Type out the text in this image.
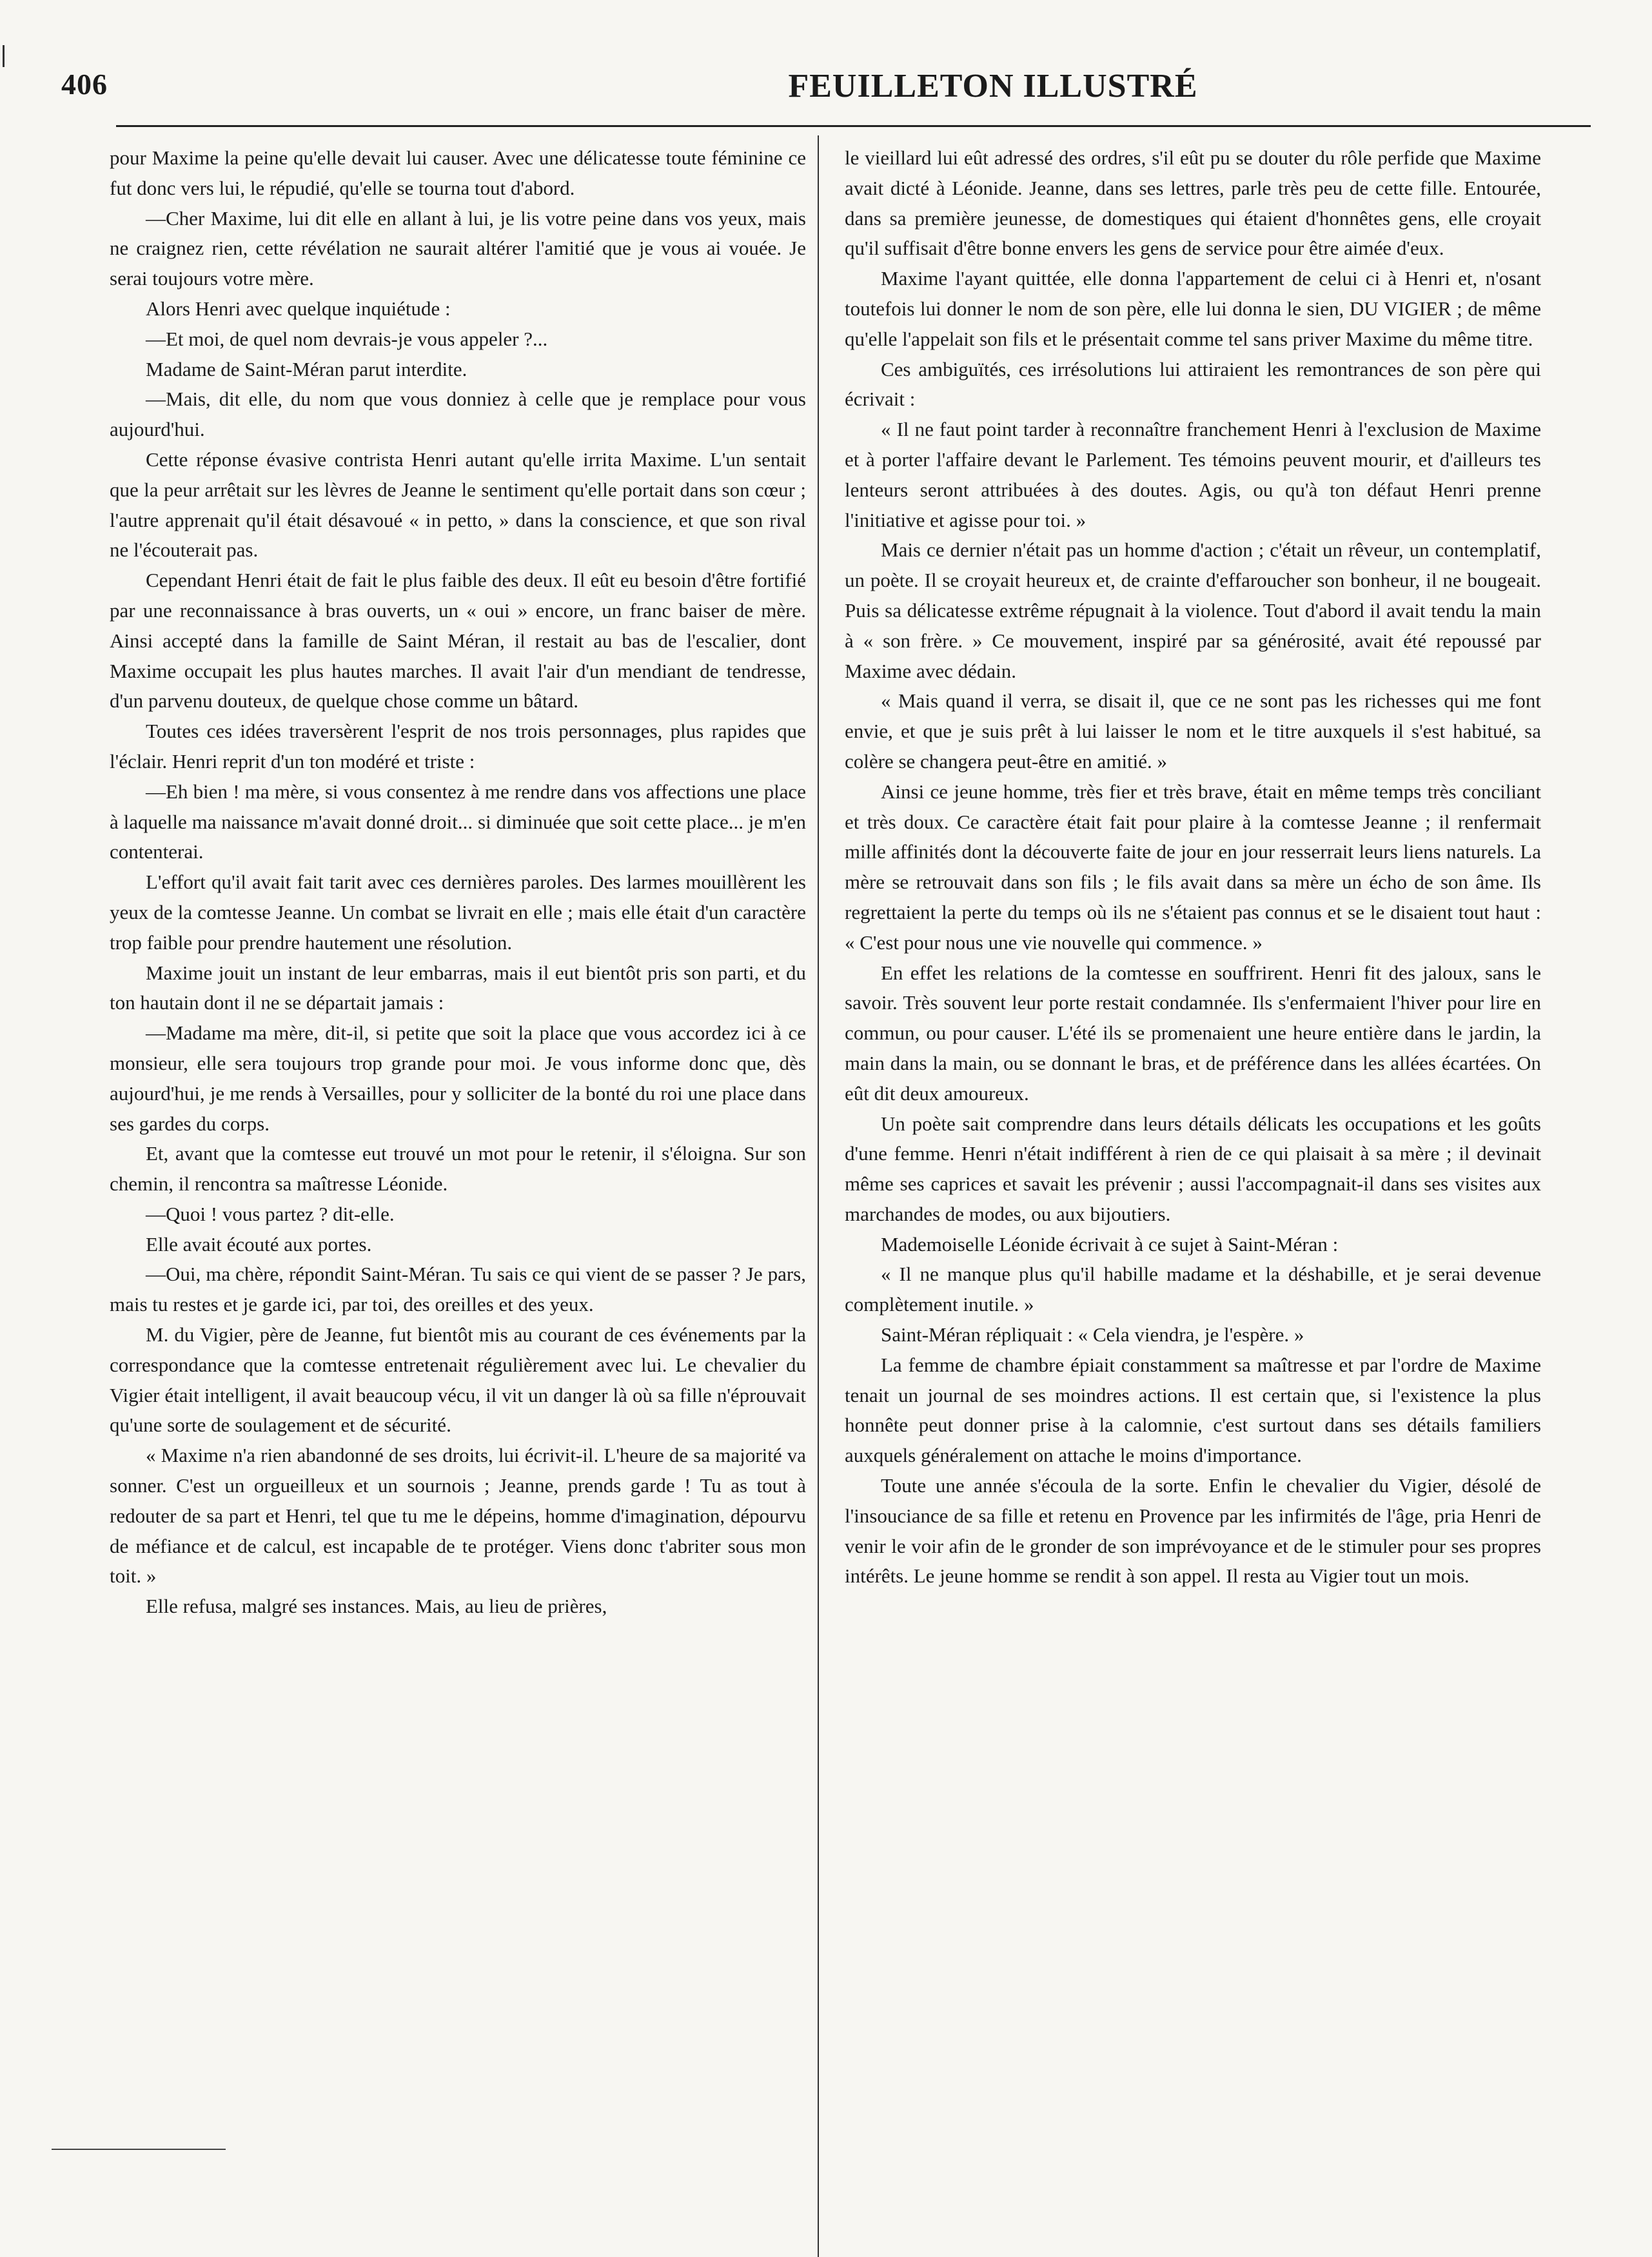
406	FEUILLETON ILLUSTRÉ

pour Maxime la peine qu'elle devait lui causer. Avec une délicatesse toute féminine ce fut donc vers lui, le répudié, qu'elle se tourna tout d'abord.

—Cher Maxime, lui dit elle en allant à lui, je lis votre peine dans vos yeux, mais ne craignez rien, cette révélation ne saurait altérer l'amitié que je vous ai vouée. Je serai toujours votre mère.

Alors Henri avec quelque inquiétude :

—Et moi, de quel nom devrais-je vous appeler ?...

Madame de Saint-Méran parut interdite.

—Mais, dit elle, du nom que vous donniez à celle que je remplace pour vous aujourd'hui.

Cette réponse évasive contrista Henri autant qu'elle irrita Maxime. L'un sentait que la peur arrêtait sur les lèvres de Jeanne le sentiment qu'elle portait dans son cœur ; l'autre apprenait qu'il était désavoué « in petto, » dans la conscience, et que son rival ne l'écouterait pas.

Cependant Henri était de fait le plus faible des deux. Il eût eu besoin d'être fortifié par une reconnaissance à bras ouverts, un « oui » encore, un franc baiser de mère. Ainsi accepté dans la famille de Saint Méran, il restait au bas de l'escalier, dont Maxime occupait les plus hautes marches. Il avait l'air d'un mendiant de tendresse, d'un parvenu douteux, de quelque chose comme un bâtard.

Toutes ces idées traversèrent l'esprit de nos trois personnages, plus rapides que l'éclair. Henri reprit d'un ton modéré et triste :

—Eh bien ! ma mère, si vous consentez à me rendre dans vos affections une place à laquelle ma naissance m'avait donné droit... si diminuée que soit cette place... je m'en contenterai.

L'effort qu'il avait fait tarit avec ces dernières paroles. Des larmes mouillèrent les yeux de la comtesse Jeanne. Un combat se livrait en elle ; mais elle était d'un caractère trop faible pour prendre hautement une résolution.

Maxime jouit un instant de leur embarras, mais il eut bientôt pris son parti, et du ton hautain dont il ne se départait jamais :

—Madame ma mère, dit-il, si petite que soit la place que vous accordez ici à ce monsieur, elle sera toujours trop grande pour moi. Je vous informe donc que, dès aujourd'hui, je me rends à Versailles, pour y solliciter de la bonté du roi une place dans ses gardes du corps.

Et, avant que la comtesse eut trouvé un mot pour le retenir, il s'éloigna. Sur son chemin, il rencontra sa maîtresse Léonide.

—Quoi ! vous partez ? dit-elle.

Elle avait écouté aux portes.

—Oui, ma chère, répondit Saint-Méran. Tu sais ce qui vient de se passer ? Je pars, mais tu restes et je garde ici, par toi, des oreilles et des yeux.

M. du Vigier, père de Jeanne, fut bientôt mis au courant de ces événements par la correspondance que la comtesse entretenait régulièrement avec lui. Le chevalier du Vigier était intelligent, il avait beaucoup vécu, il vit un danger là où sa fille n'éprouvait qu'une sorte de soulagement et de sécurité.

« Maxime n'a rien abandonné de ses droits, lui écrivit-il. L'heure de sa majorité va sonner. C'est un orgueilleux et un sournois ; Jeanne, prends garde ! Tu as tout à redouter de sa part et Henri, tel que tu me le dépeins, homme d'imagination, dépourvu de méfiance et de calcul, est incapable de te protéger. Viens donc t'abriter sous mon toit. »

Elle refusa, malgré ses instances. Mais, au lieu de prières,

le vieillard lui eût adressé des ordres, s'il eût pu se douter du rôle perfide que Maxime avait dicté à Léonide. Jeanne, dans ses lettres, parle très peu de cette fille. Entourée, dans sa première jeunesse, de domestiques qui étaient d'honnêtes gens, elle croyait qu'il suffisait d'être bonne envers les gens de service pour être aimée d'eux.

Maxime l'ayant quittée, elle donna l'appartement de celui ci à Henri et, n'osant toutefois lui donner le nom de son père, elle lui donna le sien, DU VIGIER ; de même qu'elle l'appelait son fils et le présentait comme tel sans priver Maxime du même titre.

Ces ambiguïtés, ces irrésolutions lui attiraient les remontrances de son père qui écrivait :

« Il ne faut point tarder à reconnaître franchement Henri à l'exclusion de Maxime et à porter l'affaire devant le Parlement. Tes témoins peuvent mourir, et d'ailleurs tes lenteurs seront attribuées à des doutes. Agis, ou qu'à ton défaut Henri prenne l'initiative et agisse pour toi. »

Mais ce dernier n'était pas un homme d'action ; c'était un rêveur, un contemplatif, un poète. Il se croyait heureux et, de crainte d'effaroucher son bonheur, il ne bougeait. Puis sa délicatesse extrême répugnait à la violence. Tout d'abord il avait tendu la main à « son frère. » Ce mouvement, inspiré par sa générosité, avait été repoussé par Maxime avec dédain.

« Mais quand il verra, se disait il, que ce ne sont pas les richesses qui me font envie, et que je suis prêt à lui laisser le nom et le titre auxquels il s'est habitué, sa colère se changera peut-être en amitié. »

Ainsi ce jeune homme, très fier et très brave, était en même temps très conciliant et très doux. Ce caractère était fait pour plaire à la comtesse Jeanne ; il renfermait mille affinités dont la découverte faite de jour en jour resserrait leurs liens naturels. La mère se retrouvait dans son fils ; le fils avait dans sa mère un écho de son âme. Ils regrettaient la perte du temps où ils ne s'étaient pas connus et se le disaient tout haut : « C'est pour nous une vie nouvelle qui commence. »

En effet les relations de la comtesse en souffrirent. Henri fit des jaloux, sans le savoir. Très souvent leur porte restait condamnée. Ils s'enfermaient l'hiver pour lire en commun, ou pour causer. L'été ils se promenaient une heure entière dans le jardin, la main dans la main, ou se donnant le bras, et de préférence dans les allées écartées. On eût dit deux amoureux.

Un poète sait comprendre dans leurs détails délicats les occupations et les goûts d'une femme. Henri n'était indifférent à rien de ce qui plaisait à sa mère ; il devinait même ses caprices et savait les prévenir ; aussi l'accompagnait-il dans ses visites aux marchandes de modes, ou aux bijoutiers.

Mademoiselle Léonide écrivait à ce sujet à Saint-Méran :

« Il ne manque plus qu'il habille madame et la déshabille, et je serai devenue complètement inutile. »

Saint-Méran répliquait : « Cela viendra, je l'espère. »

La femme de chambre épiait constamment sa maîtresse et par l'ordre de Maxime tenait un journal de ses moindres actions. Il est certain que, si l'existence la plus honnête peut donner prise à la calomnie, c'est surtout dans ses détails familiers auxquels généralement on attache le moins d'importance.

Toute une année s'écoula de la sorte. Enfin le chevalier du Vigier, désolé de l'insouciance de sa fille et retenu en Provence par les infirmités de l'âge, pria Henri de venir le voir afin de le gronder de son imprévoyance et de le stimuler pour ses propres intérêts. Le jeune homme se rendit à son appel. Il resta au Vigier tout un mois.
